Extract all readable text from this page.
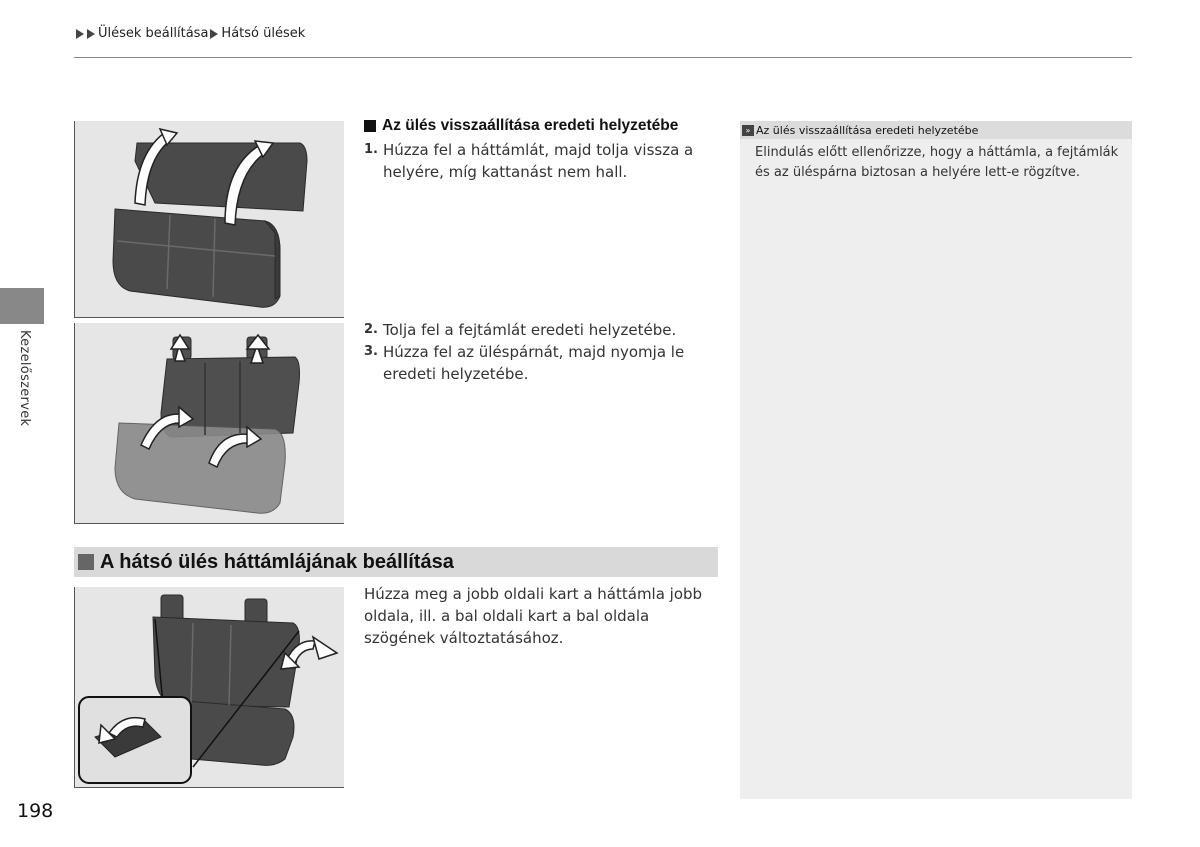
Ülések beállítása Hátsó ülések
Kezelőszervek
Az ülés visszaállítása eredeti helyzetébe
1. Húzza fel a háttámlát, majd tolja vissza a helyére, míg kattanást nem hall.
2. Tolja fel a fejtámlát eredeti helyzetébe.
3. Húzza fel az üléspárnát, majd nyomja le eredeti helyzetébe.
A hátsó ülés háttámlájának beállítása
Húzza meg a jobb oldali kart a háttámla jobb oldala, ill. a bal oldali kart a bal oldala szögének változtatásához.
» Az ülés visszaállítása eredeti helyzetébe
Elindulás előtt ellenőrizze, hogy a háttámla, a fejtámlák és az üléspárna biztosan a helyére lett-e rögzítve.
198
